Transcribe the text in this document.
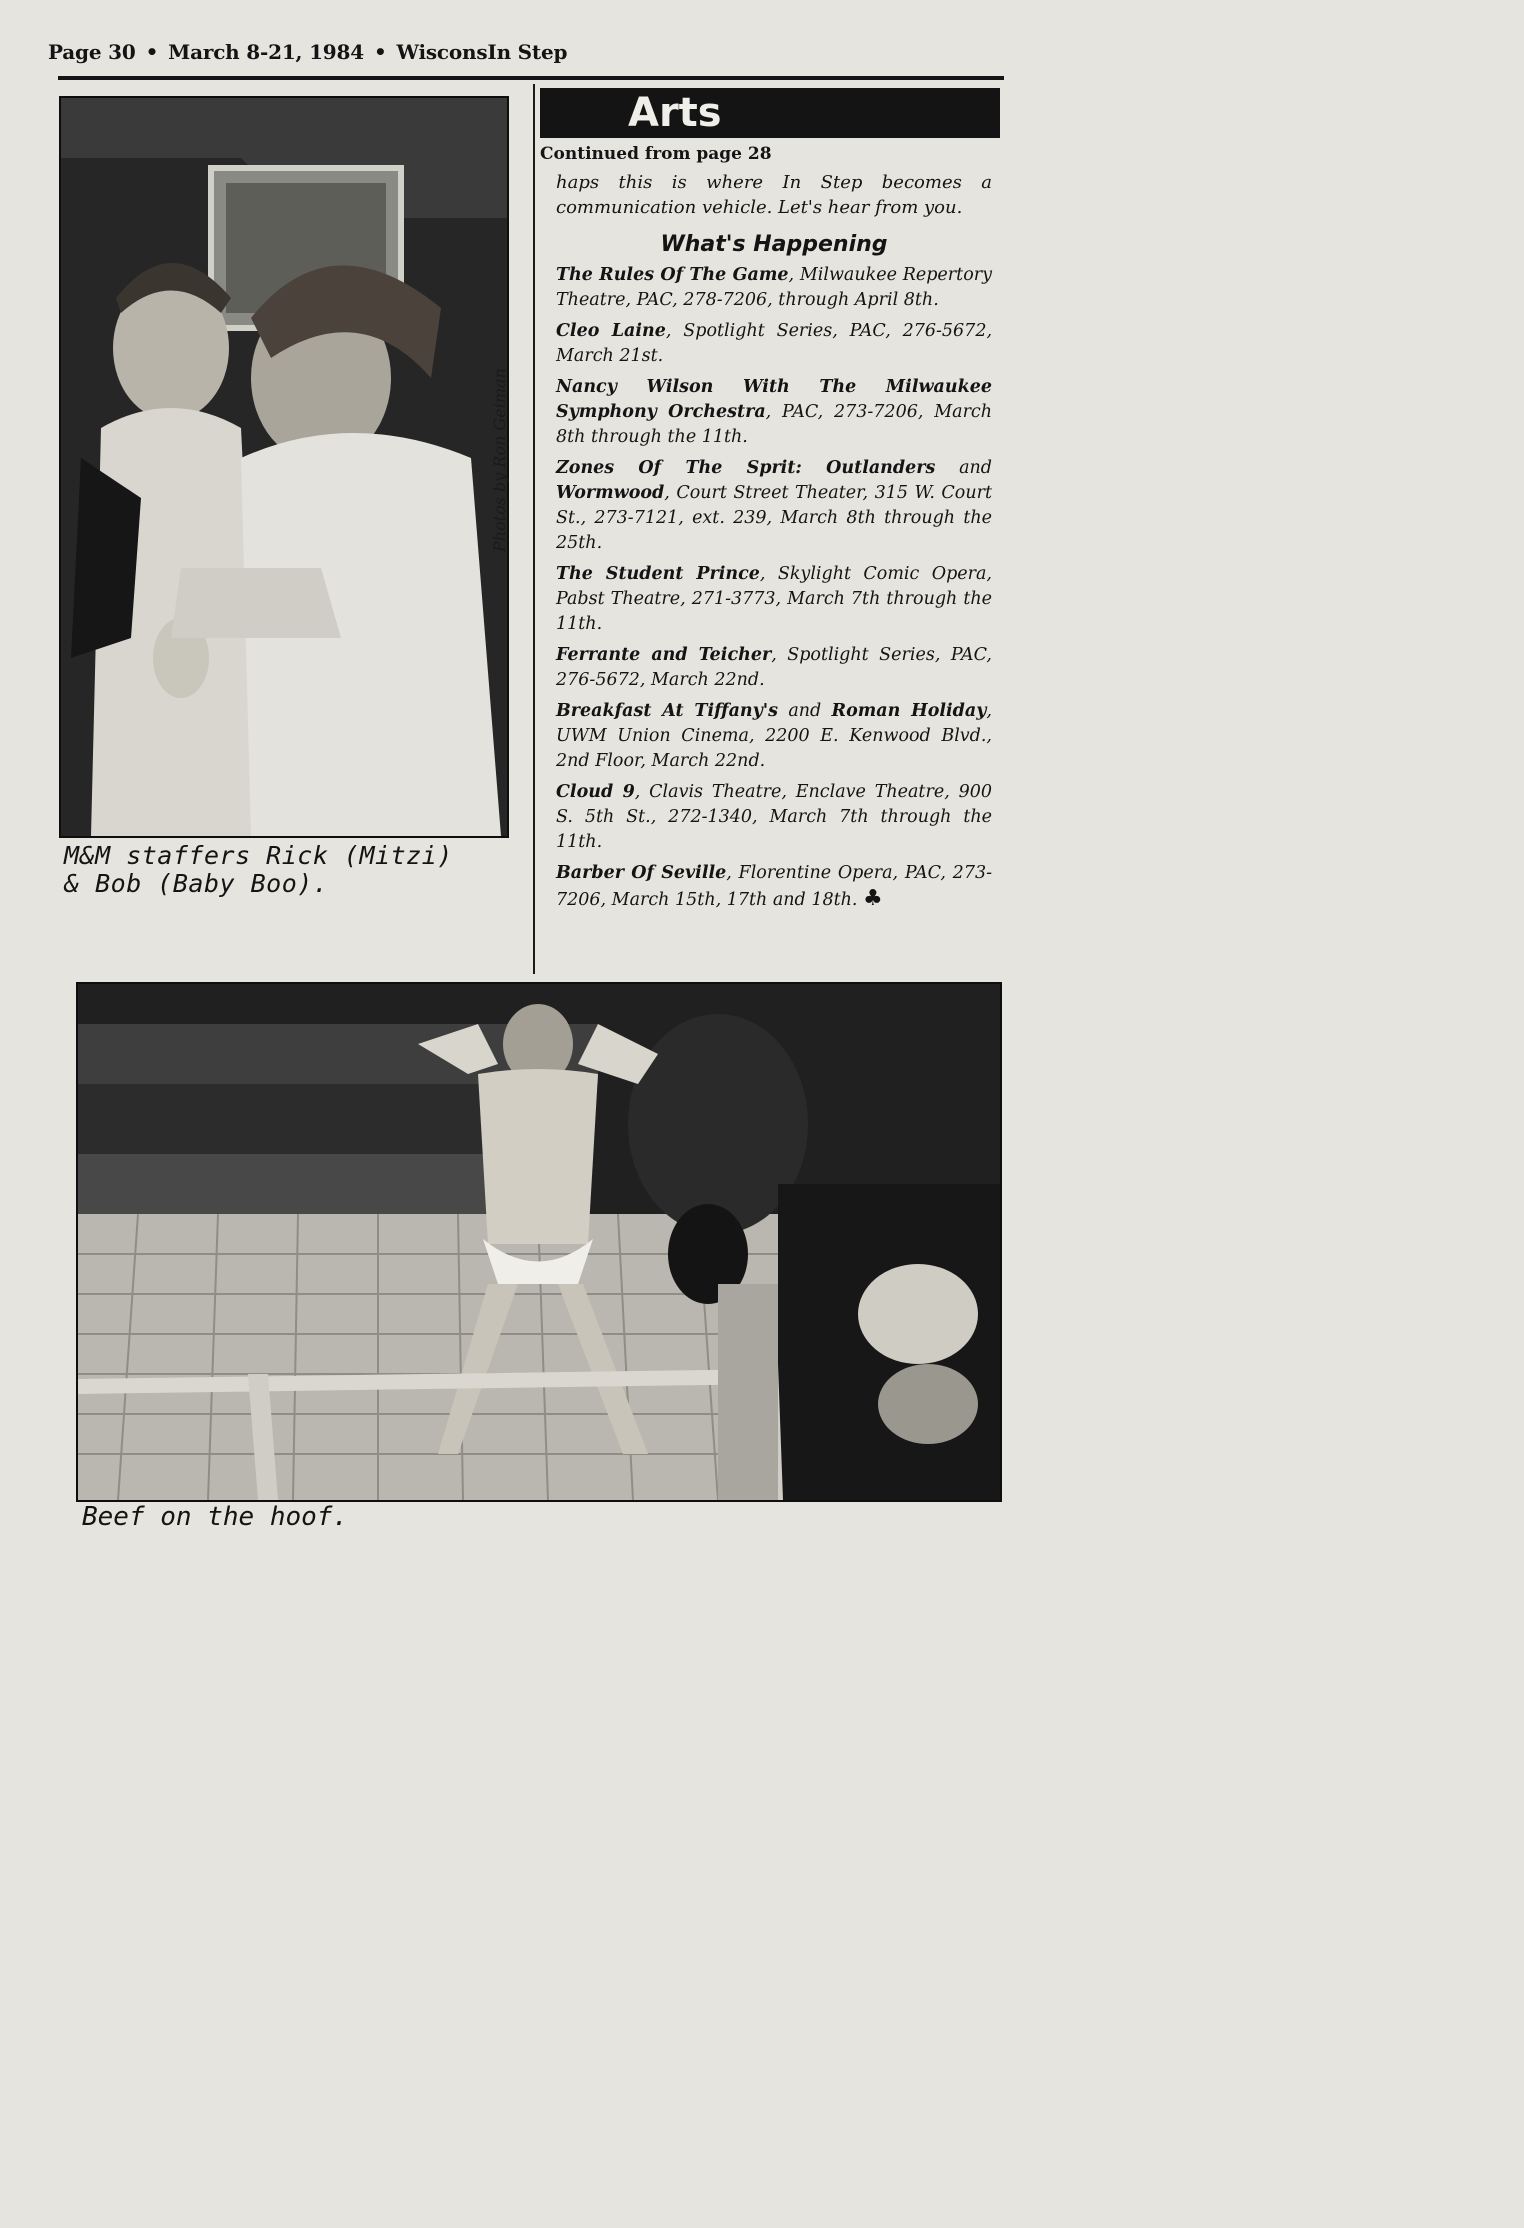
Page 30 • March 8-21, 1984 • WisconsIn Step
Photos by Ron Geiman
M&M staffers Rick (Mitzi)
& Bob (Baby Boo).
Arts

Continued from page 28

haps this is where In Step becomes a communication vehicle. Let's hear from you.

What's Happening

The Rules Of The Game, Milwaukee Repertory Theatre, PAC, 278-7206, through April 8th.

Cleo Laine, Spotlight Series, PAC, 276-5672, March 21st.

Nancy Wilson With The Milwaukee Symphony Orchestra, PAC, 273-7206, March 8th through the 11th.

Zones Of The Sprit: Outlanders and Wormwood, Court Street Theater, 315 W. Court St., 273-7121, ext. 239, March 8th through the 25th.

The Student Prince, Skylight Comic Opera, Pabst Theatre, 271-3773, March 7th through the 11th.

Ferrante and Teicher, Spotlight Series, PAC, 276-5672, March 22nd.

Breakfast At Tiffany's and Roman Holiday, UWM Union Cinema, 2200 E. Kenwood Blvd., 2nd Floor, March 22nd.

Cloud 9, Clavis Theatre, Enclave Theatre, 900 S. 5th St., 272-1340, March 7th through the 11th.

Barber Of Seville, Florentine Opera, PAC, 273-7206, March 15th, 17th and 18th. ♣

Beef on the hoof.
